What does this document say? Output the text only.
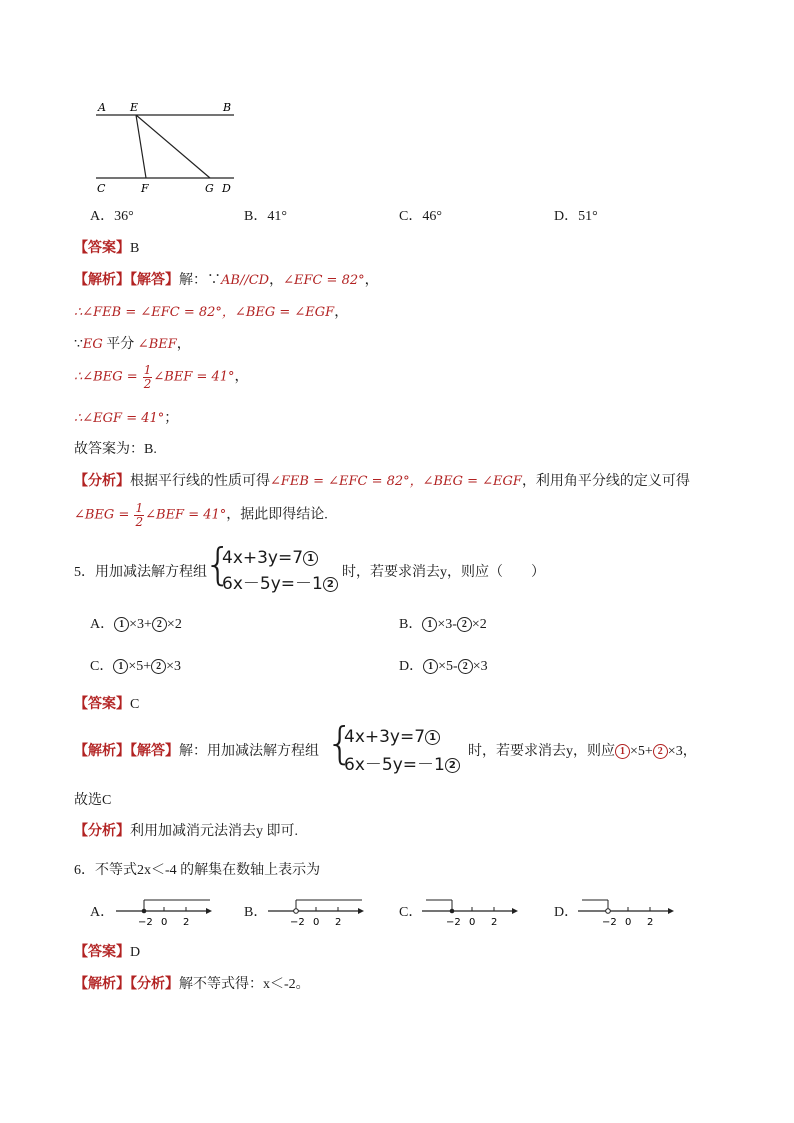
A E	B
C	F	G D
A．36°	B．41°	C．46°	D．51°
【答案】B
【解析】【解答】解：∵AB//CD，∠EFC = 82°，
∴∠FEB = ∠EFC = 82°，∠BEG = ∠EGF，
∵EG 平分 ∠BEF，
∴∠BEG = $\frac{1}{2}$ ∠BEF = 41°，
∴∠EGF = 41°；
故答案为：B.
【分析】根据平行线的性质可得∠FEB = ∠EFC = 82°，∠BEG = ∠EGF，利用角平分线的定义可得
∠BEG = $\frac{1}{2}$ ∠BEF = 41°，据此即得结论.
5．用加减法解方程组
{
4x+3y=7 1
6x－5y=－1 2
时，若要求消去y，则应（　　）
A． 1 ×3+ 2 ×2	B． 1 ×3- 2 ×2
C． 1 ×5+ 2 ×3	D． 1 ×5- 2 ×3
【答案】C
【解析】【解答】解：用加减法解方程组 {
4x+3y=7 1
6x－5y=－1 2
时，若要求消去y，则应 1 ×5+ 2 ×3，
故选C
【分析】利用加减消元法消去y 即可.
6．不等式2x＜-4 的解集在数轴上表示为
A．
−2 0 2
B．
−2 0 2
C．
−2 0 2
D．
−2 0 2
【答案】D
【解析】【分析】解不等式得：x＜-2。
